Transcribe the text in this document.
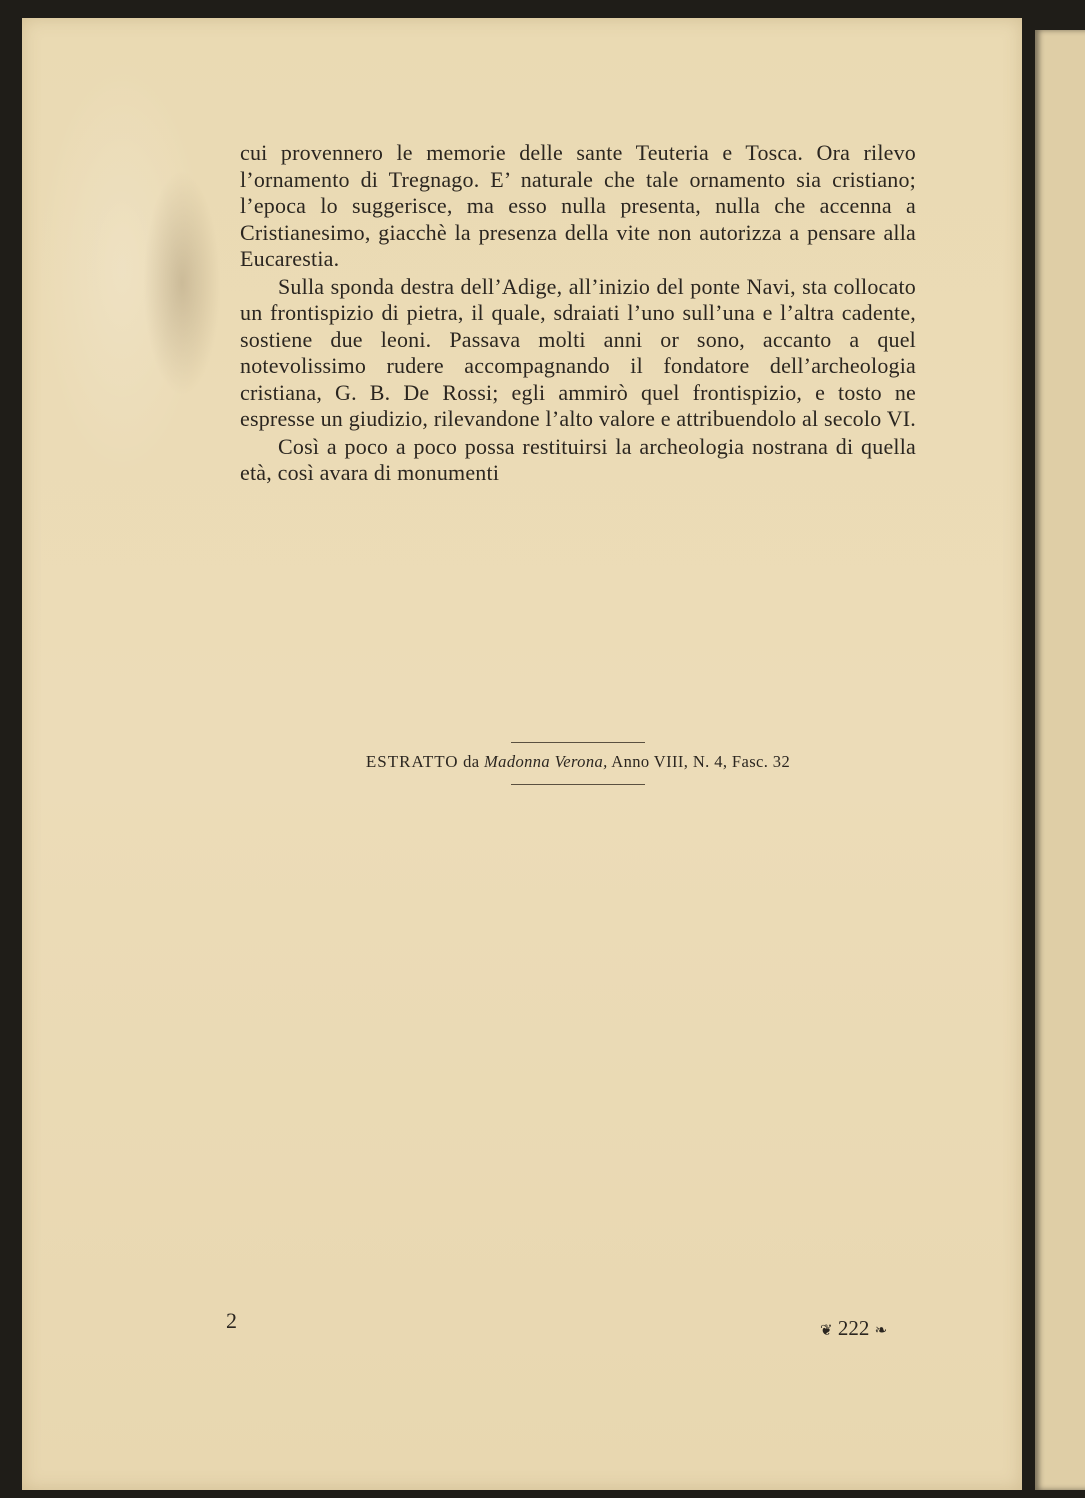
cui provennero le memorie delle sante Teuteria e Tosca. Ora rilevo l’ornamento di Tregnago. E’ naturale che tale ornamento sia cristiano; l’epoca lo suggerisce, ma esso nulla presenta, nulla che accenna a Cristianesimo, giacchè la presenza della vite non autorizza a pensare alla Eucarestia.

Sulla sponda destra dell’Adige, all’inizio del ponte Navi, sta collocato un frontispizio di pietra, il quale, sdraiati l’uno sull’una e l’altra cadente, sostiene due leoni. Passava molti anni or sono, accanto a quel notevolissimo rudere accompagnando il fondatore dell’archeologia cristiana, G. B. De Rossi; egli ammirò quel frontispizio, e tosto ne espresse un giudizio, rilevandone l’alto valore e attribuendolo al secolo VI.

Così a poco a poco possa restituirsi la archeologia nostrana di quella età, così avara di monumenti

ESTRATTO da Madonna Verona, Anno VIII, N. 4, Fasc. 32
2	❦ 222 ❧
